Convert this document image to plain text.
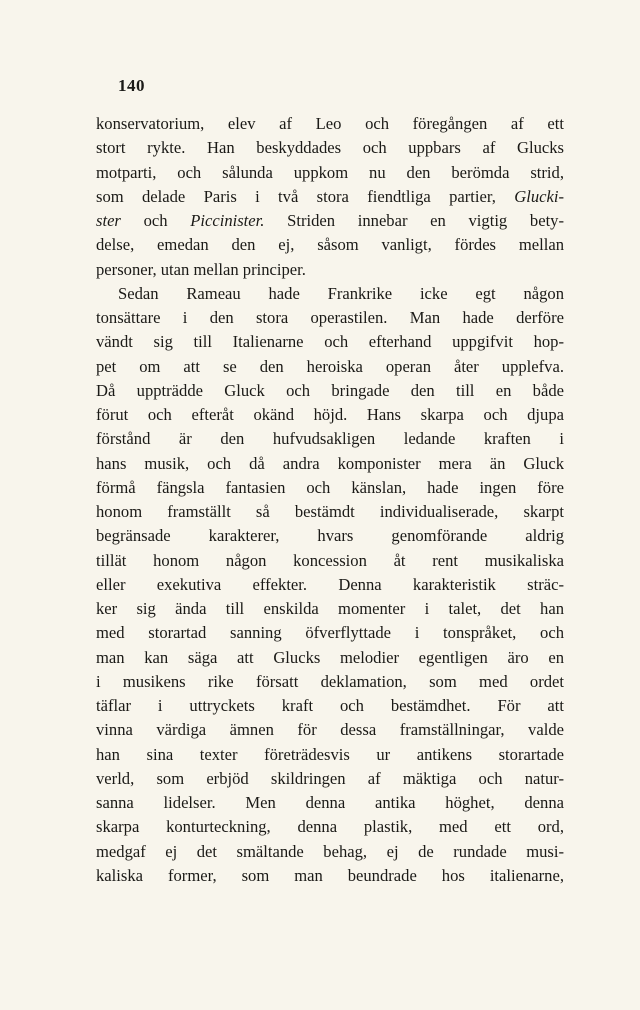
140
konservatorium, elev af Leo och föregången af ett
stort rykte. Han beskyddades och uppbars af Glucks
motparti, och sålunda uppkom nu den berömda strid,
som delade Paris i två stora fiendtliga partier, Glucki-
ster och Piccinister. Striden innebar en vigtig bety-
delse, emedan den ej, såsom vanligt, fördes mellan
personer, utan mellan principer.
Sedan Rameau hade Frankrike icke egt någon
tonsättare i den stora operastilen. Man hade derföre
vändt sig till Italienarne och efterhand uppgifvit hop-
pet om att se den heroiska operan åter upplefva.
Då uppträdde Gluck och bringade den till en både
förut och efteråt okänd höjd. Hans skarpa och djupa
förstånd är den hufvudsakligen ledande kraften i
hans musik, och då andra komponister mera än Gluck
förmå fängsla fantasien och känslan, hade ingen före
honom framställt så bestämdt individualiserade, skarpt
begränsade karakterer, hvars genomförande aldrig
tillät honom någon koncession åt rent musikaliska
eller exekutiva effekter. Denna karakteristik sträc-
ker sig ända till enskilda momenter i talet, det han
med storartad sanning öfverflyttade i tonspråket, och
man kan säga att Glucks melodier egentligen äro en
i musikens rike försatt deklamation, som med ordet
täflar i uttryckets kraft och bestämdhet. För att
vinna värdiga ämnen för dessa framställningar, valde
han sina texter företrädesvis ur antikens storartade
verld, som erbjöd skildringen af mäktiga och natur-
sanna lidelser. Men denna antika höghet, denna
skarpa konturteckning, denna plastik, med ett ord,
medgaf ej det smältande behag, ej de rundade musi-
kaliska former, som man beundrade hos italienarne,
